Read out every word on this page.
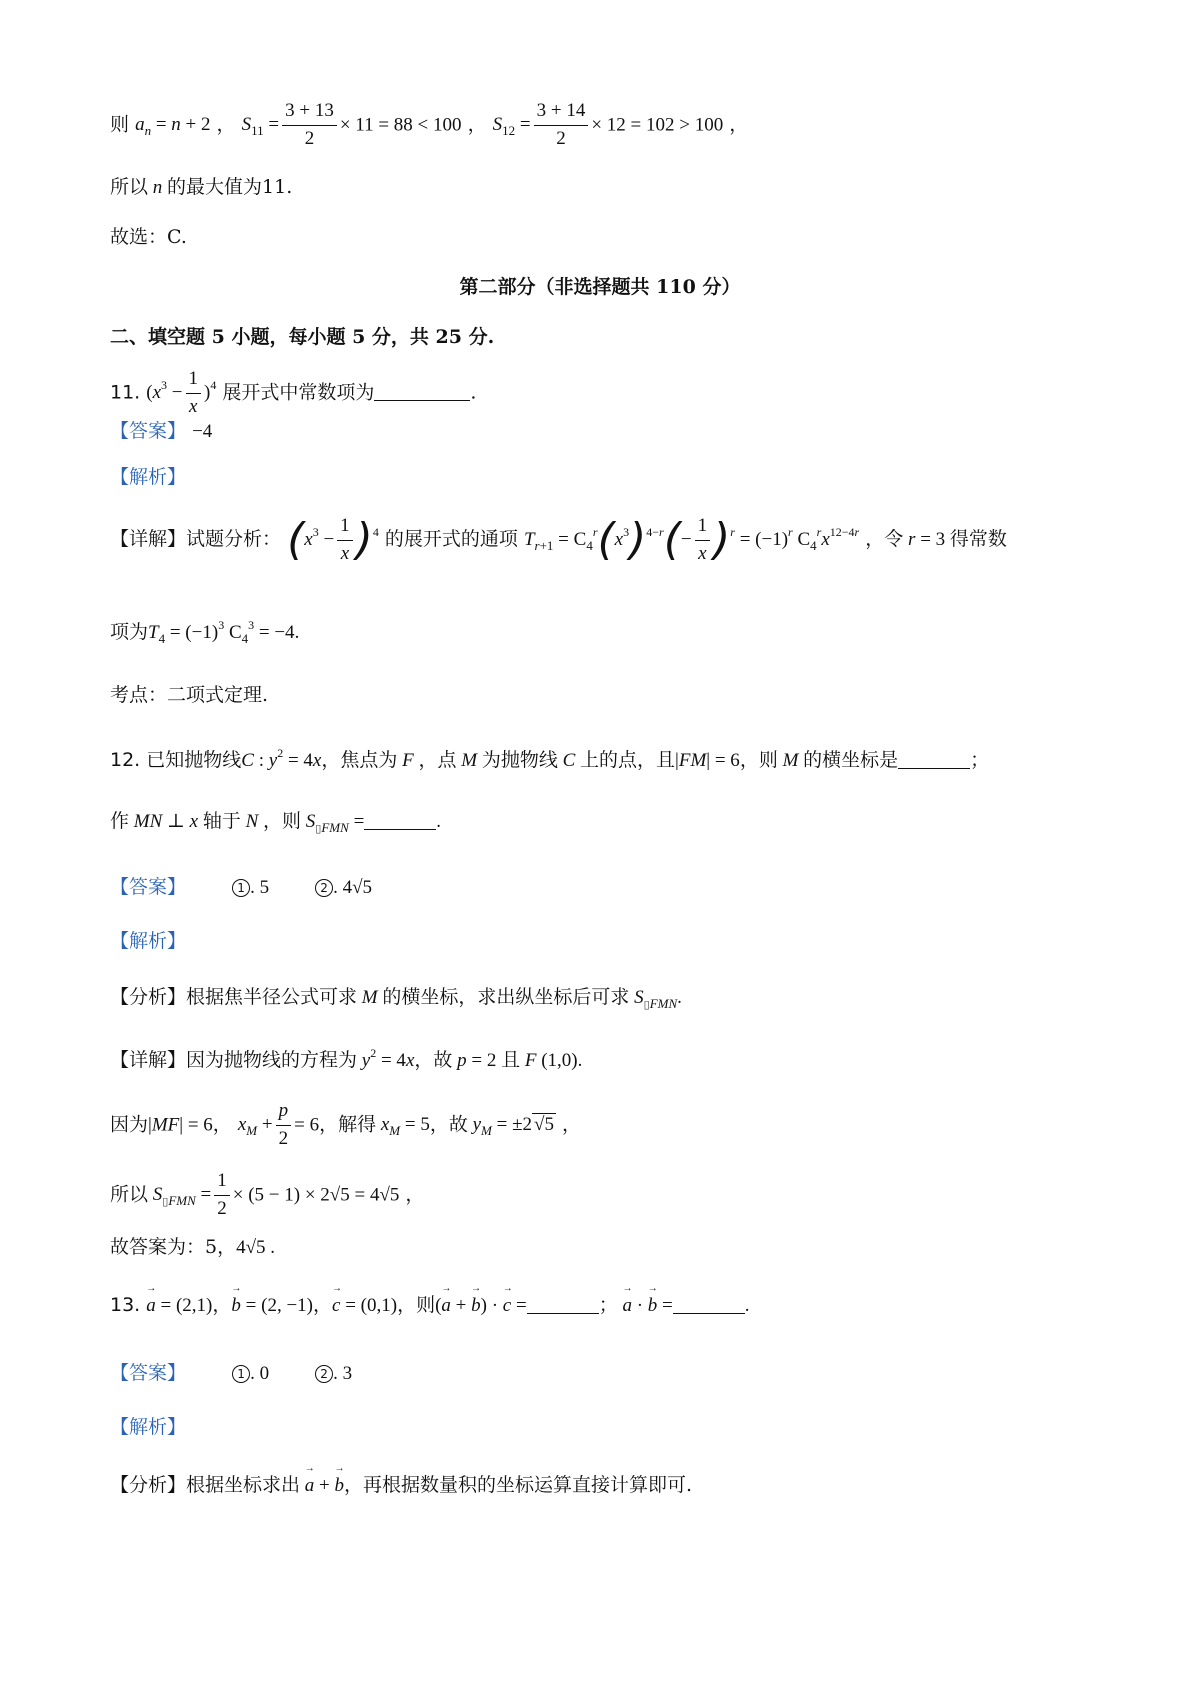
则 $a_n = n + 2$ ， $S_{11} = \frac{3 + 13}{2} \times 11 = 88 < 100$ ， $S_{12} = \frac{3 + 14}{2} \times 12 = 102 > 100$ ，
所以 n 的最大值为11.
故选：C.
第二部分（非选择题共 110 分）
二、填空题 5 小题，每小题 5 分，共 25 分.
11. $(x^3 - \frac{1}{x} )^4$ 展开式中常数项为	.
【答案】 −4
【解析】
【详解】试题分析： $(x^3 - \frac{1}{x} )^4$ 的展开式的通项 $T_{r+1} = C_4^r(x^3)^{4-r}(- \frac{1}{x} )^r = (-1)^r$ $C_4^rx^{12-4r}$ ，令 r = 3 得常数
项为$T_4 = (-1)^3$ $C_4^3 = -4$.
考点：二项式定理.
12. 已知抛物线C : $y^2 = 4x$，焦点为 F ，点 M 为抛物线 C 上的点，且|FM| = 6，则 M 的横坐标是	；
作 MN ⊥ x 轴于 N ，则 $S_{▯FMN}$ =	.
【答案】	1 . 5	2 . 4√5
【解析】
【分析】根据焦半径公式可求 M 的横坐标，求出纵坐标后可求 $S_{▯FMN}$.
【详解】因为抛物线的方程为 $y^2 = 4x$，故 p = 2 且 F (1,0).
因为|MF| = 6， $x_M + \frac{p}{2} = 6$，解得 $x_M = 5$，故 $y_M = \pm 2$ √5 ，
所以 $S_{▯FMN} = \frac{1}{2} \times (5 - 1) \times 2√5 = 4√5$ ，
故答案为：5，4√5 .
13. → a = (2,1)，→ b = (2, −1)，→ c = (0,1)，则(→ a + → b) · → c =	； → a · → b =	.
【答案】	1 . 0	2 . 3
【解析】
【分析】根据坐标求出 → a + → b，再根据数量积的坐标运算直接计算即可.
